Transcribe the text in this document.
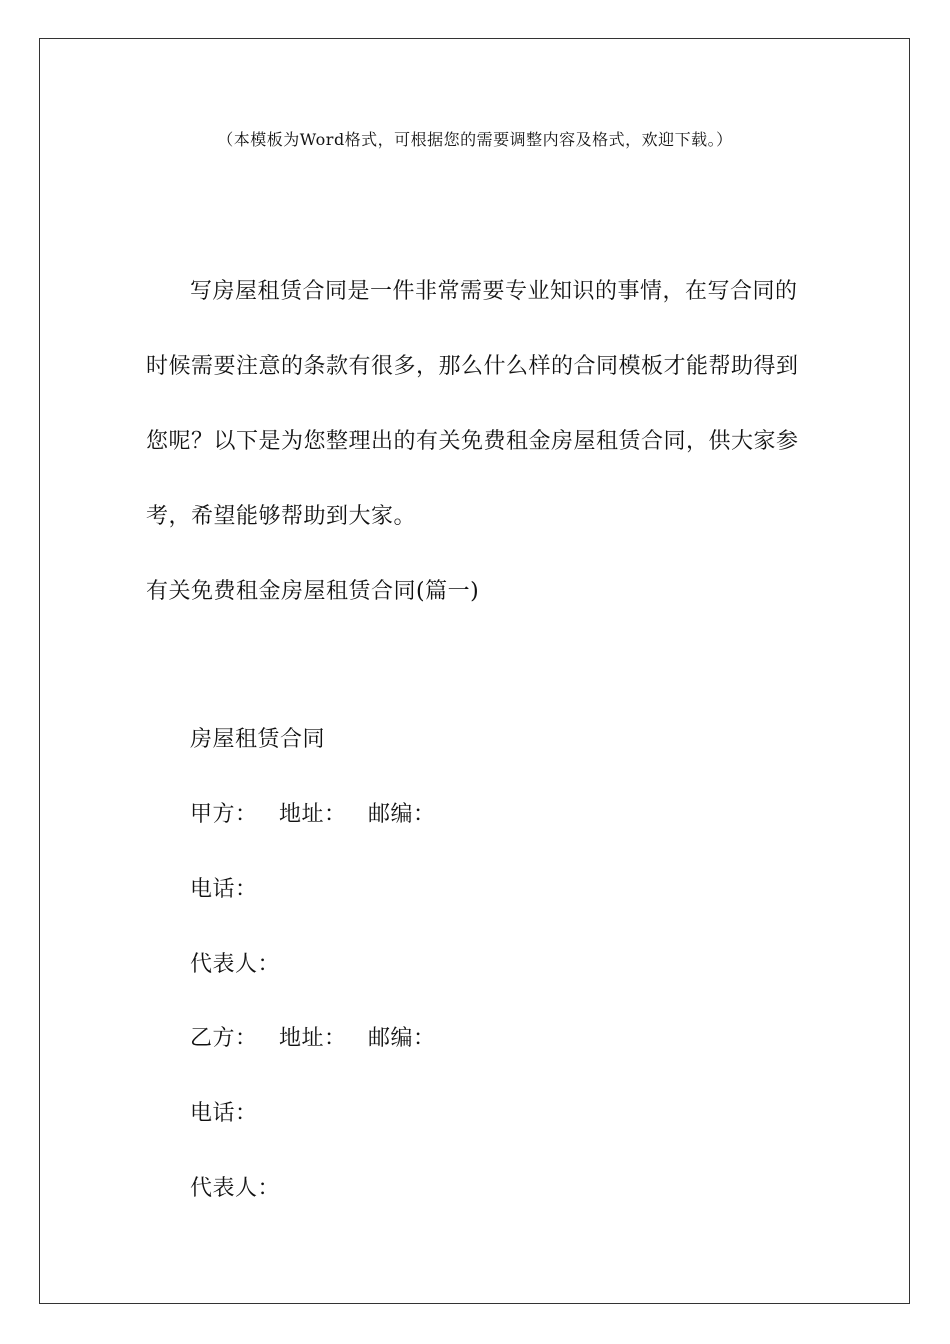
（本模板为Word格式，可根据您的需要调整内容及格式，欢迎下载。）
写房屋租赁合同是一件非常需要专业知识的事情，在写合同的
时候需要注意的条款有很多，那么什么样的合同模板才能帮助得到
您呢？以下是为您整理出的有关免费租金房屋租赁合同，供大家参
考，希望能够帮助到大家。
有关免费租金房屋租赁合同(篇一)
房屋租赁合同
甲方： 地址： 邮编：
电话：
代表人：
乙方： 地址： 邮编：
电话：
代表人：
